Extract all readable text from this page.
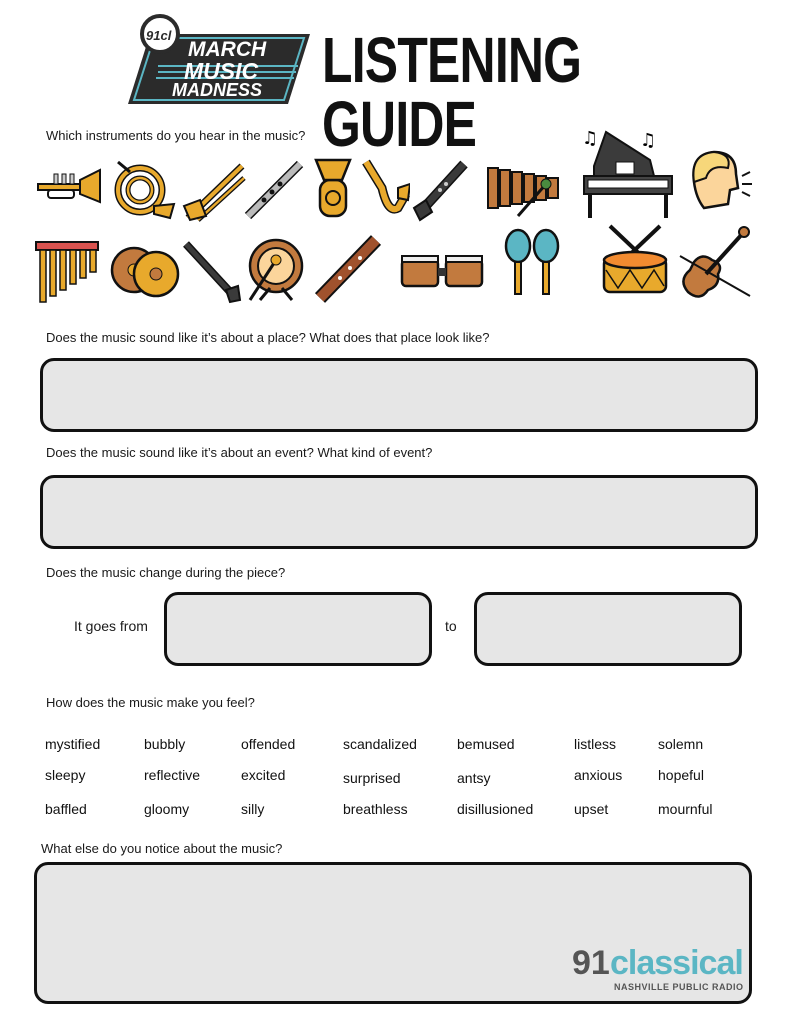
91cl
MARCH
MUSIC
MADNESS LISTENING GUIDE
Which instruments do you hear in the music?	♫ ♫
Does the music sound like it’s about a place? What does that place look like?
Does the music sound like it’s about an event? What kind of event?
Does the music change during the piece?
It goes from	to
How does the music make you feel?
mystified	bubbly	offended	scandalized	bemused	listless	solemn
sleepy	reflective	excited	surprised	antsy	anxious	hopeful
baffled	gloomy	silly	breathless	disillusioned	upset	mournful
What else do you notice about the music?
91 classical
NASHVILLE PUBLIC RADIO
